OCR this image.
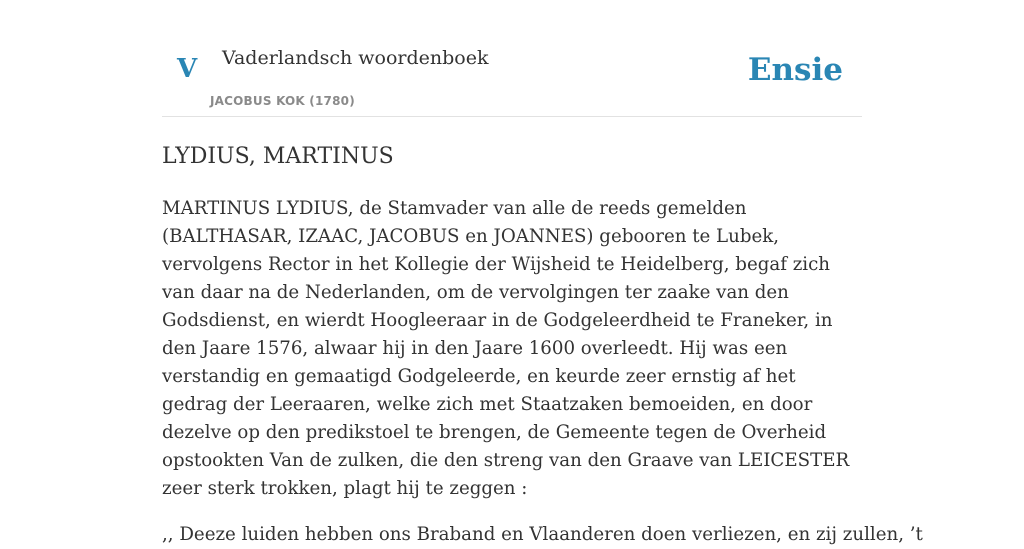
V Vaderlandsch woordenboek
JACOBUS KOK (1780)
Ensie
LYDIUS, MARTINUS

MARTINUS LYDIUS, de Stamvader van alle de reeds gemelden (BALTHASAR, IZAAC, JACOBUS en JOANNES) gebooren te Lubek, vervolgens Rector in het Kollegie der Wijsheid te Heidelberg, begaf zich van daar na de Nederlanden, om de vervolgingen ter zaake van den Godsdienst, en wierdt Hoogleeraar in de Godgeleerdheid te Franeker, in den Jaare 1576, alwaar hij in den Jaare 1600 overleedt. Hij was een verstandig en gemaatigd Godgeleerde, en keurde zeer ernstig af het gedrag der Leeraaren, welke zich met Staatzaken bemoeiden, en door dezelve op den predikstoel te brengen, de Gemeente tegen de Overheid opstookten Van de zulken, die den streng van den Graave van LEICESTER zeer sterk trokken, plagt hij te zeggen :

,, Deeze luiden hebben ons Braband en Vlaanderen doen verliezen, en zij zullen, ’t
